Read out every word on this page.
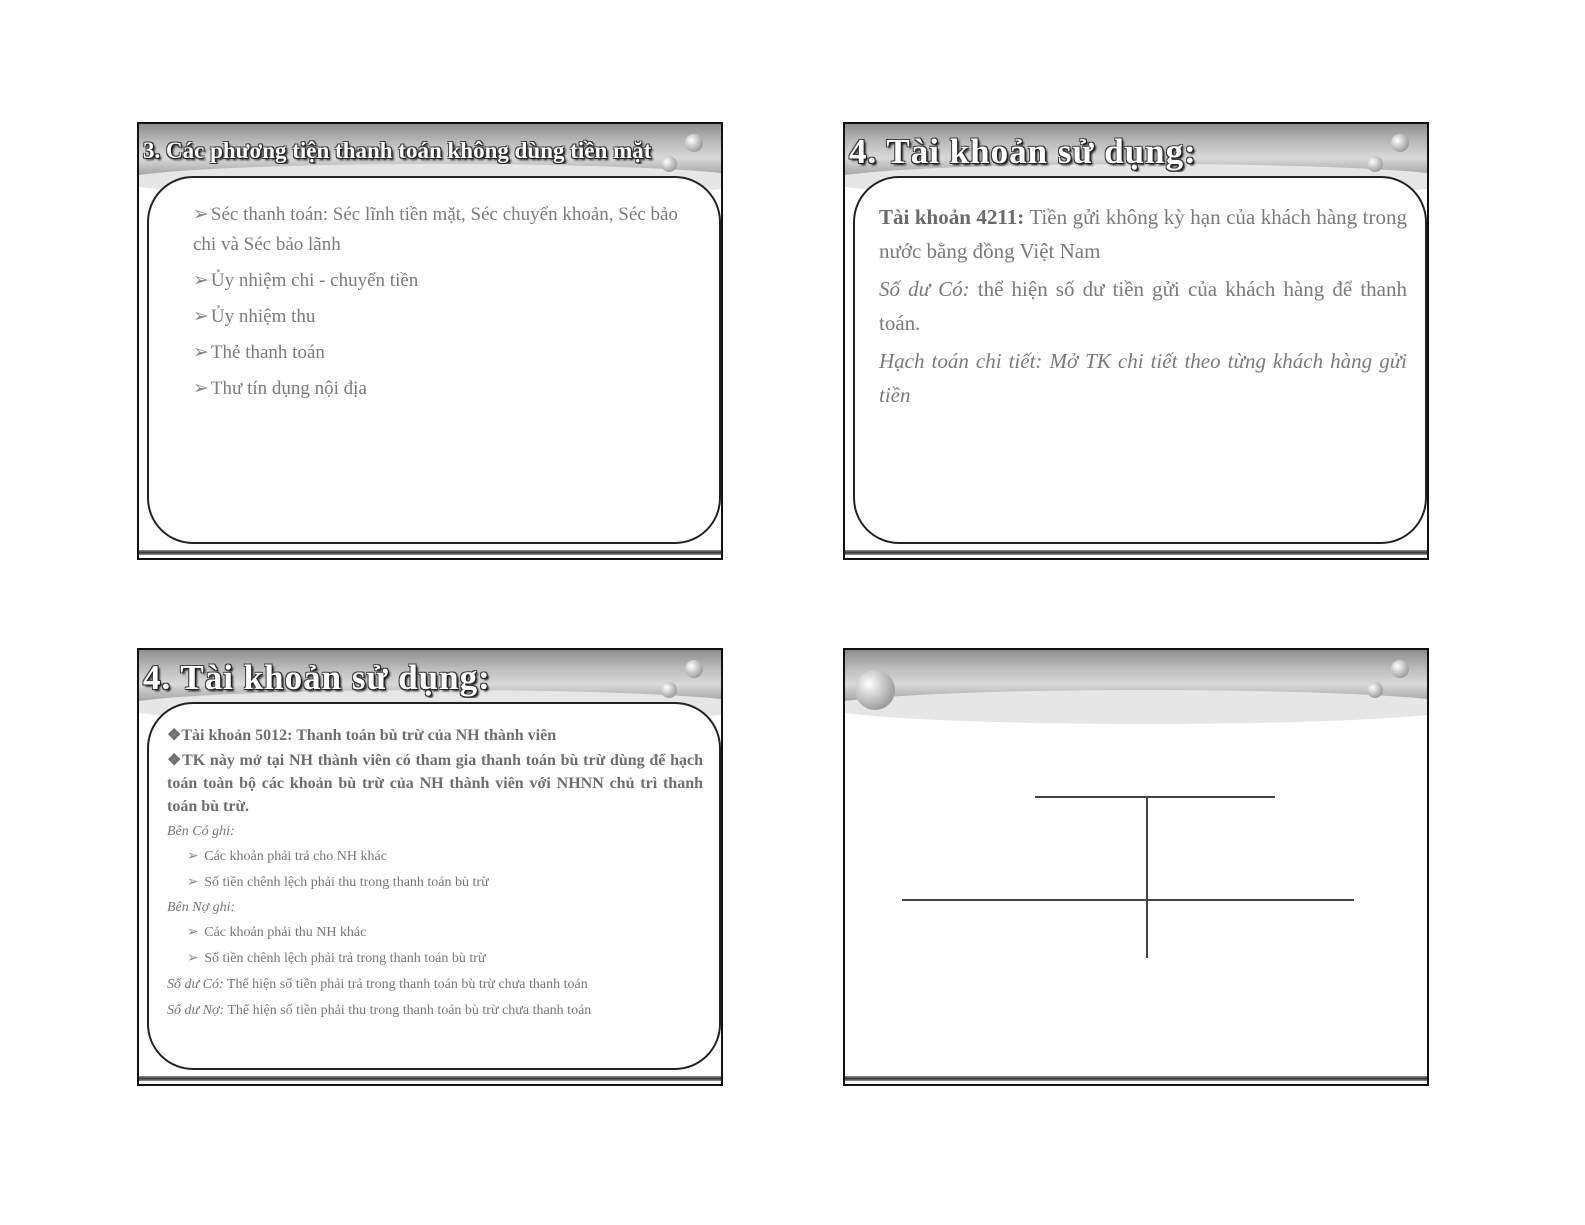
➢ Séc thanh toán: Séc lĩnh tiền mặt, Séc chuyển khoản, Séc bảo chi và Séc bảo lãnh
➢ Ủy nhiệm chi - chuyển tiền
➢ Ủy nhiệm thu
➢ Thẻ thanh toán
➢ Thư tín dụng nội địa
3. Các phương tiện thanh toán không dùng tiền mặt

Tài khoản 4211: Tiền gửi không kỳ hạn của khách hàng trong nước bằng đồng Việt Nam

Số dư Có: thể hiện số dư tiền gửi của khách hàng để thanh toán.

Hạch toán chi tiết: Mở TK chi tiết theo từng khách hàng gửi tiền

4. Tài khoản sử dụng:

❖Tài khoản 5012: Thanh toán bù trừ của NH thành viên

❖TK này mở tại NH thành viên có tham gia thanh toán bù trừ dùng để hạch toán toàn bộ các khoản bù trừ của NH thành viên với NHNN chủ trì thanh toán bù trừ.

Bên Có ghi:

➢ Các khoản phải trả cho NH khác

➢ Số tiền chênh lệch phải thu trong thanh toán bù trừ

Bên Nợ ghi:

➢ Các khoản phải thu NH khác

➢ Số tiền chênh lệch phải trả trong thanh toán bù trừ

Số dư Có: Thể hiện số tiền phải trả trong thanh toán bù trừ chưa thanh toán

Số dư Nợ: Thể hiện số tiền phải thu trong thanh toán bù trừ chưa thanh toán

4. Tài khoản sử dụng:
